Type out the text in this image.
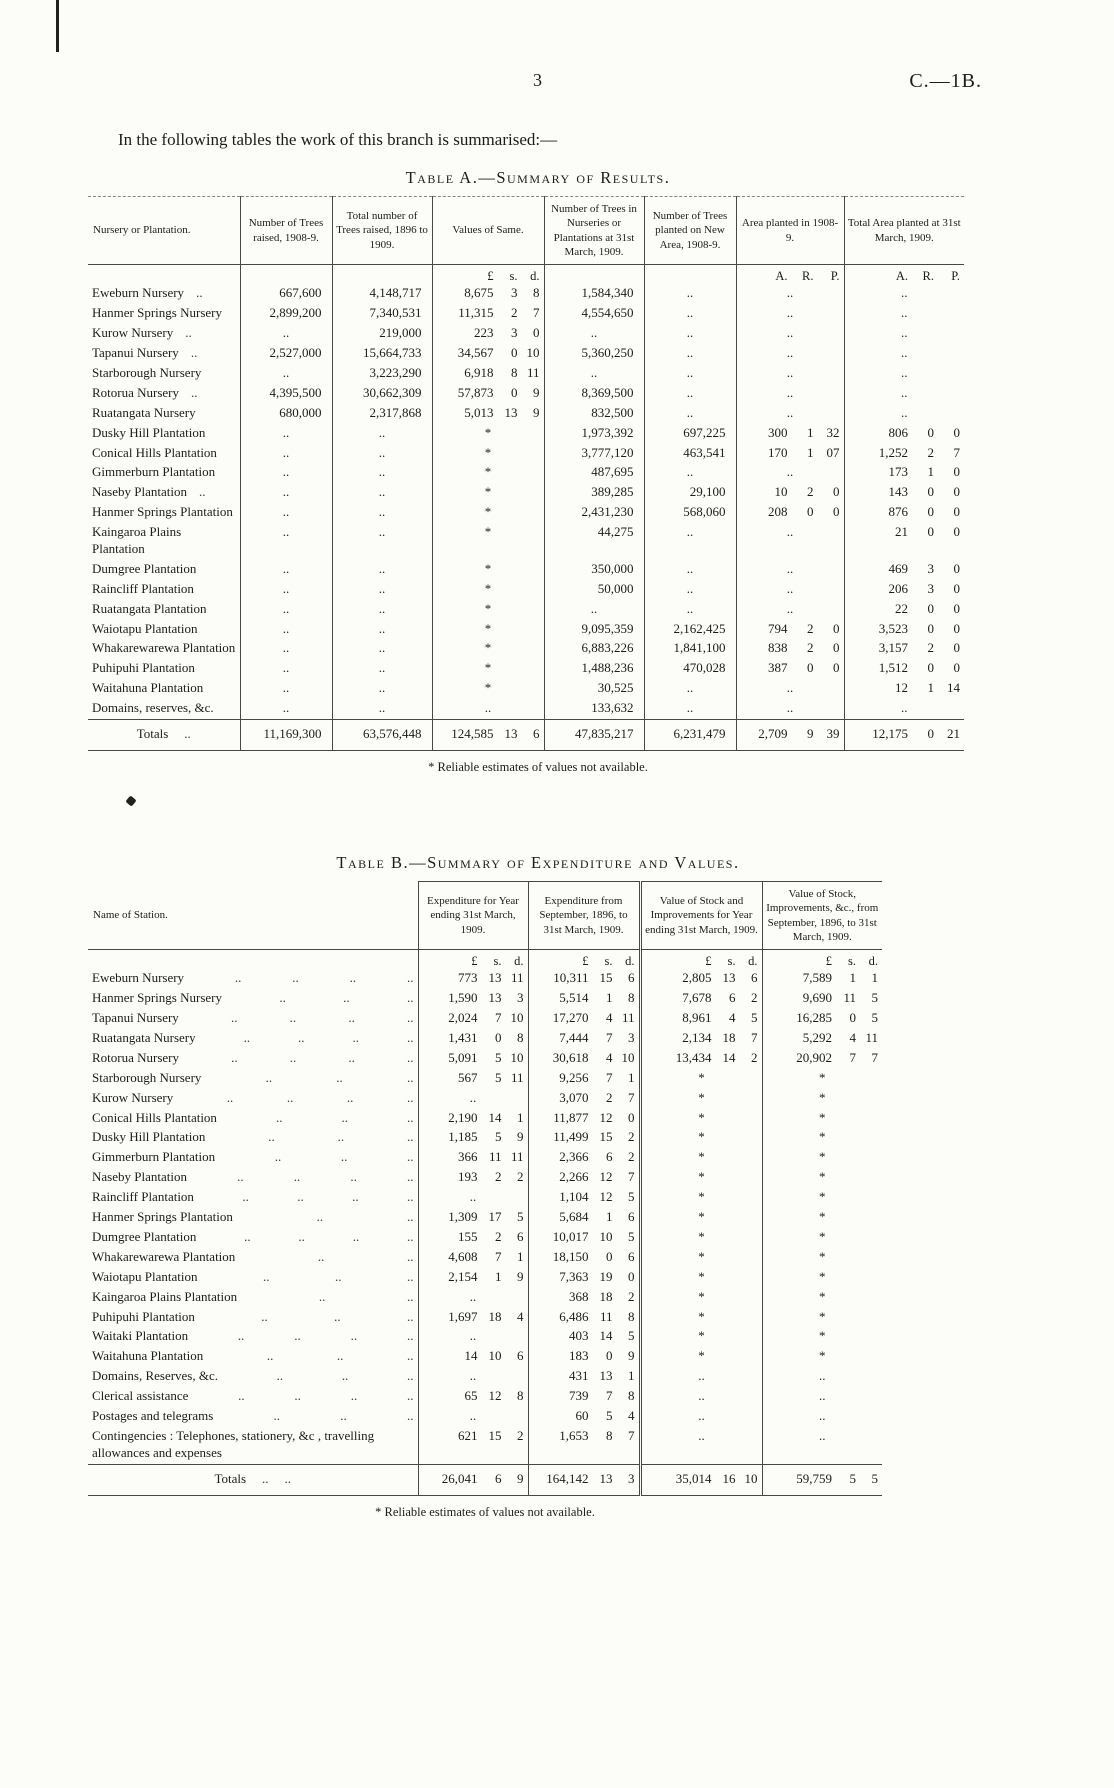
3	C.—1B.
In the following tables the work of this branch is summarised:—
Table A.—Summary of Results.
Nursery or Plantation.	Number of Trees raised, 1908-9.	Total number of Trees raised, 1896 to 1909.	Values of Same.	Number of Trees in Nurseries or Plantations at 31st March, 1909.	Number of Trees planted on New Area, 1908-9.	Area planted in 1908-9.	Total Area planted at 31st March, 1909.

			£ s. d.			A. R. P.	A. R. P.

Eweburn Nursery ..	667,600	4,148,717	8,675 3 8	1,584,340	..	..	..

Hanmer Springs Nursery	2,899,200	7,340,531	11,315 2 7	4,554,650	..	..	..

Kurow Nursery ..	..	219,000	223 3 0	..	..	..	..

Tapanui Nursery ..	2,527,000	15,664,733	34,567 0 10	5,360,250	..	..	..

Starborough Nursery	..	3,223,290	6,918 8 11	..	..	..	..

Rotorua Nursery ..	4,395,500	30,662,309	57,873 0 9	8,369,500	..	..	..

Ruatangata Nursery	680,000	2,317,868	5,013 13 9	832,500	..	..	..

Dusky Hill Plantation	..	..	*	1,973,392	697,225	300 1 32	806 0 0

Conical Hills Plantation	..	..	*	3,777,120	463,541	170 1 07	1,252 2 7

Gimmerburn Plantation	..	..	*	487,695	..	..	173 1 0

Naseby Plantation ..	..	..	*	389,285	29,100	10 2 0	143 0 0

Hanmer Springs Plantation	..	..	*	2,431,230	568,060	208 0 0	876 0 0

Kaingaroa Plains Plantation	..	..	*	44,275	..	..	21 0 0

Dumgree Plantation	..	..	*	350,000	..	..	469 3 0

Raincliff Plantation	..	..	*	50,000	..	..	206 3 0

Ruatangata Plantation	..	..	*	..	..	..	22 0 0

Waiotapu Plantation	..	..	*	9,095,359	2,162,425	794 2 0	3,523 0 0

Whakarewarewa Plantation	..	..	*	6,883,226	1,841,100	838 2 0	3,157 2 0

Puhipuhi Plantation	..	..	*	1,488,236	470,028	387 0 0	1,512 0 0

Waitahuna Plantation	..	..	*	30,525	..	..	12 1 14

Domains, reserves, &c.	..	..	..	133,632	..	..	..

Totals ..	11,169,300	63,576,448	124,585 13 6	47,835,217	6,231,479	2,709 9 39	12,175 0 21
* Reliable estimates of values not available.
Table B.—Summary of Expenditure and Values.
Name of Station.	Expenditure for Year ending 31st March, 1909.	Expenditure from September, 1896, to 31st March, 1909.	Value of Stock and Improvements for Year ending 31st March, 1909.	Value of Stock, Improvements, &c., from September, 1896, to 31st March, 1909.

	£ s. d.	£ s. d.	£ s. d.	£ s. d.

Eweburn Nursery .. .. .. ..	773 13 11	10,311 15 6	2,805 13 6	7,589 1 1

Hanmer Springs Nursery .. .. ..	1,590 13 3	5,514 1 8	7,678 6 2	9,690 11 5

Tapanui Nursery .. .. .. ..	2,024 7 10	17,270 4 11	8,961 4 5	16,285 0 5

Ruatangata Nursery .. .. .. ..	1,431 0 8	7,444 7 3	2,134 18 7	5,292 4 11

Rotorua Nursery .. .. .. ..	5,091 5 10	30,618 4 10	13,434 14 2	20,902 7 7

Starborough Nursery .. .. ..	567 5 11	9,256 7 1	*	*

Kurow Nursery .. .. .. ..	..	3,070 2 7	*	*

Conical Hills Plantation .. .. ..	2,190 14 1	11,877 12 0	*	*

Dusky Hill Plantation .. .. ..	1,185 5 9	11,499 15 2	*	*

Gimmerburn Plantation .. .. ..	366 11 11	2,366 6 2	*	*

Naseby Plantation .. .. .. ..	193 2 2	2,266 12 7	*	*

Raincliff Plantation .. .. .. ..	..	1,104 12 5	*	*

Hanmer Springs Plantation .. ..	1,309 17 5	5,684 1 6	*	*

Dumgree Plantation .. .. .. ..	155 2 6	10,017 10 5	*	*

Whakarewarewa Plantation .. ..	4,608 7 1	18,150 0 6	*	*

Waiotapu Plantation .. .. ..	2,154 1 9	7,363 19 0	*	*

Kaingaroa Plains Plantation .. ..	..	368 18 2	*	*

Puhipuhi Plantation .. .. ..	1,697 18 4	6,486 11 8	*	*

Waitaki Plantation .. .. .. ..	..	403 14 5	*	*

Waitahuna Plantation .. .. ..	14 10 6	183 0 9	*	*

Domains, Reserves, &c. .. .. ..	..	431 13 1	..	..

Clerical assistance .. .. .. ..	65 12 8	739 7 8	..	..

Postages and telegrams .. .. ..	..	60 5 4	..	..

Contingencies : Telephones, stationery, &c , travelling allowances and expenses	621 15 2	1,653 8 7	..	..

Totals .. ..	26,041 6 9	164,142 13 3	35,014 16 10	59,759 5 5
* Reliable estimates of values not available.
